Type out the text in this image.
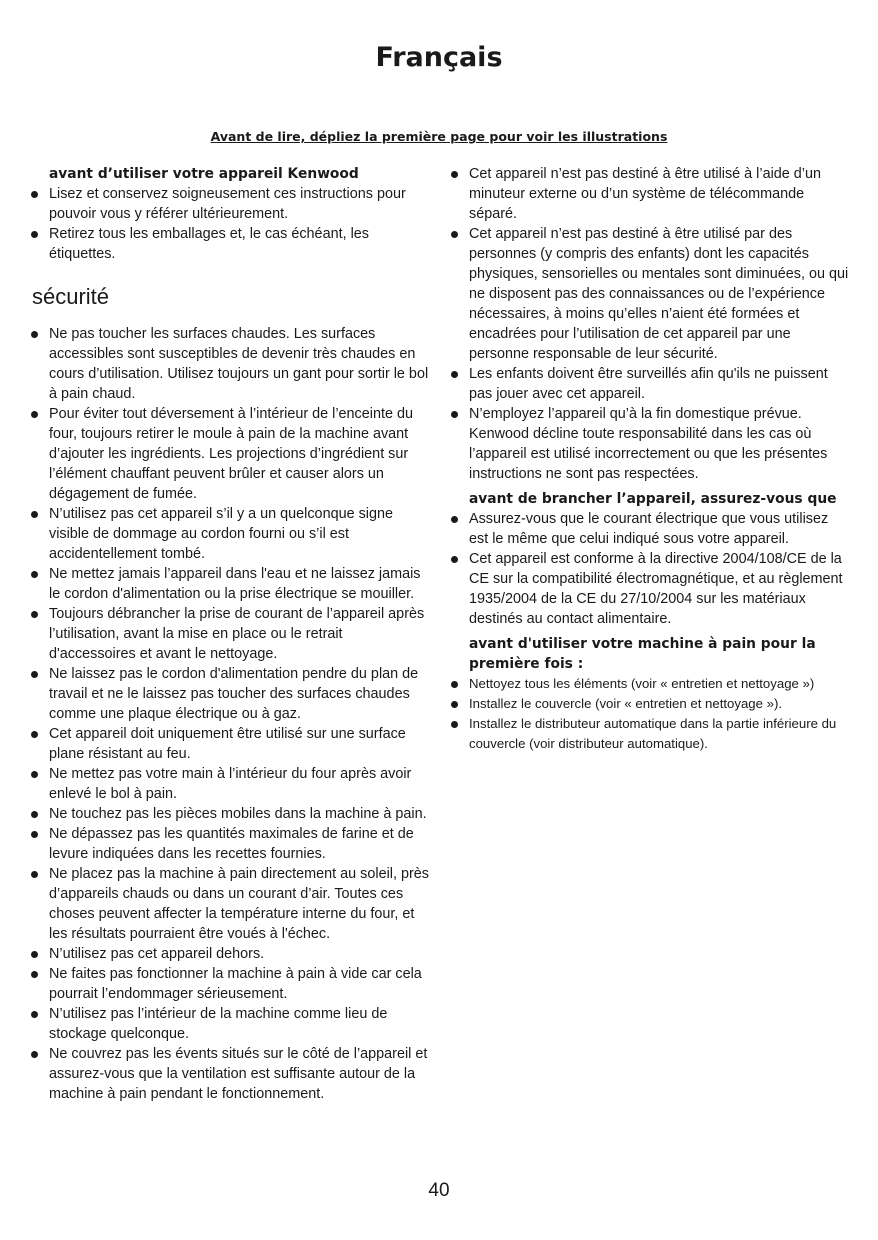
Français
Avant de lire, dépliez la première page pour voir les illustrations
avant d’utiliser votre appareil Kenwood
Lisez et conservez soigneusement ces instructions pour pouvoir vous y référer ultérieurement.
Retirez tous les emballages et, le cas échéant, les étiquettes.
sécurité
Ne pas toucher les surfaces chaudes. Les surfaces accessibles sont susceptibles de devenir très chaudes en cours d’utilisation. Utilisez toujours un gant pour sortir le bol à pain chaud.
Pour éviter tout déversement à l’intérieur de l’enceinte du four, toujours retirer le moule à pain de la machine avant d’ajouter les ingrédients. Les projections d’ingrédient sur l’élément chauffant peuvent brûler et causer alors un dégagement de fumée.
N’utilisez pas cet appareil s’il y a un quelconque signe visible de dommage au cordon fourni ou s’il est accidentellement tombé.
Ne mettez jamais l’appareil dans l'eau et ne laissez jamais le cordon d'alimentation ou la prise électrique se mouiller.
Toujours débrancher la prise de courant de l’appareil après l’utilisation, avant la mise en place ou le retrait d'accessoires et avant le nettoyage.
Ne laissez pas le cordon d'alimentation pendre du plan de travail et ne le laissez pas toucher des surfaces chaudes comme une plaque électrique ou à gaz.
Cet appareil doit uniquement être utilisé sur une surface plane résistant au feu.
Ne mettez pas votre main à l’intérieur du four après avoir enlevé le bol à pain.
Ne touchez pas les pièces mobiles dans la machine à pain.
Ne dépassez pas les quantités maximales de farine et de levure indiquées dans les recettes fournies.
Ne placez pas la machine à pain directement au soleil, près d’appareils chauds ou dans un courant d’air. Toutes ces choses peuvent affecter la température interne du four, et les résultats pourraient être voués à l'échec.
N’utilisez pas cet appareil dehors.
Ne faites pas fonctionner la machine à pain à vide car cela pourrait l’endommager sérieusement.
N’utilisez pas l’intérieur de la machine comme lieu de stockage quelconque.
Ne couvrez pas les évents situés sur le côté de l’appareil et assurez-vous que la ventilation est suffisante autour de la machine à pain pendant le fonctionnement.
Cet appareil n’est pas destiné à être utilisé à l’aide d’un minuteur externe ou d’un système de télécommande séparé.
Cet appareil n’est pas destiné à être utilisé par des personnes (y compris des enfants) dont les capacités physiques, sensorielles ou mentales sont diminuées, ou qui ne disposent pas des connaissances ou de l’expérience nécessaires, à moins qu’elles n’aient été formées et encadrées pour l’utilisation de cet appareil par une personne responsable de leur sécurité.
Les enfants doivent être surveillés afin qu'ils ne puissent pas jouer avec cet appareil.
N’employez l’appareil qu’à la fin domestique prévue. Kenwood décline toute responsabilité dans les cas où l’appareil est utilisé incorrectement ou que les présentes instructions ne sont pas respectées.
avant de brancher l’appareil, assurez-vous que
Assurez-vous que le courant électrique que vous utilisez est le même que celui indiqué sous votre appareil.
Cet appareil est conforme à la directive 2004/108/CE de la CE sur la compatibilité électromagnétique, et au règlement 1935/2004 de la CE du 27/10/2004 sur les matériaux destinés au contact alimentaire.
avant d'utiliser votre machine à pain pour la première fois :
Nettoyez tous les éléments (voir « entretien et nettoyage »)
Installez le couvercle (voir « entretien et nettoyage »).
Installez le distributeur automatique dans la partie inférieure du couvercle (voir distributeur automatique).
40
